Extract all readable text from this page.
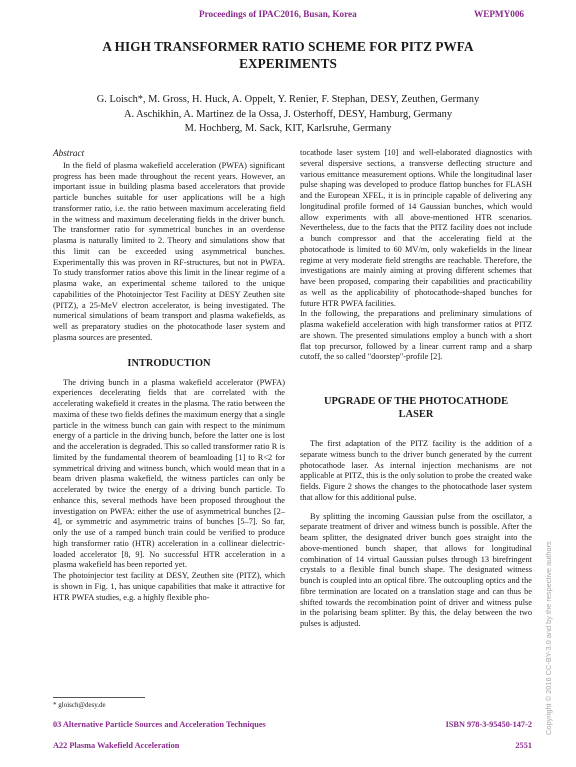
Proceedings of IPAC2016, Busan, Korea	WEPMY006
A HIGH TRANSFORMER RATIO SCHEME FOR PITZ PWFA
EXPERIMENTS
G. Loisch*, M. Gross, H. Huck, A. Oppelt, Y. Renier, F. Stephan, DESY, Zeuthen, Germany
A. Aschikhin, A. Martinez de la Ossa, J. Osterhoff, DESY, Hamburg, Germany
M. Hochberg, M. Sack, KIT, Karlsruhe, Germany
Abstract

In the field of plasma wakefield acceleration (PWFA) significant progress has been made throughout the recent years. However, an important issue in building plasma based accelerators that provide particle bunches suitable for user applications will be a high transformer ratio, i.e. the ratio between maximum accelerating field in the witness and maximum decelerating fields in the driver bunch. The transformer ratio for symmetrical bunches in an overdense plasma is naturally limited to 2. Theory and simulations show that this limit can be exceeded using asymmetrical bunches. Experimentally this was proven in RF-structures, but not in PWFA. To study transformer ratios above this limit in the linear regime of a plasma wake, an experimental scheme tailored to the unique capabilities of the Photoinjector Test Facility at DESY Zeuthen site (PITZ), a 25-MeV electron accelerator, is being investigated. The numerical simulations of beam transport and plasma wakefields, as well as preparatory studies on the photocathode laser system and plasma sources are presented.

INTRODUCTION

The driving bunch in a plasma wakefield accelerator (PWFA) experiences decelerating fields that are correlated with the accelerating wakefield it creates in the plasma. The ratio between the maxima of these two fields defines the maximum energy that a single particle in the witness bunch can gain with respect to the minimum energy of a particle in the driving bunch, before the latter one is lost and the acceleration is degraded. This so called transformer ratio R is limited by the fundamental theorem of beamloading [1] to R<2 for symmetrical driving and witness bunch, which would mean that in a beam driven plasma wakefield, the witness particles can only be accelerated by twice the energy of a driving bunch particle. To enhance this, several methods have been proposed throughout the investigation on PWFA: either the use of asymmetrical bunches [2–4], or symmetric and asymmetric trains of bunches [5–7]. So far, only the use of a ramped bunch train could be verified to produce high transformer ratio (HTR) acceleration in a collinear dielectric-loaded accelerator [8, 9]. No successful HTR acceleration in a plasma wakefield has been reported yet.

The photoinjector test facility at DESY, Zeuthen site (PITZ), which is shown in Fig. 1, has unique capabilities that make it attractive for HTR PWFA studies, e.g. a highly flexible pho-

tocathode laser system [10] and well-elaborated diagnostics with several dispersive sections, a transverse deflecting structure and various emittance measurement options. While the longitudinal laser pulse shaping was developed to produce flattop bunches for FLASH and the European XFEL, it is in principle capable of delivering any longitudinal profile formed of 14 Gaussian bunches, which would allow experiments with all above-mentioned HTR scenarios. Nevertheless, due to the facts that the PITZ facility does not include a bunch compressor and that the accelerating field at the photocathode is limited to 60 MV/m, only wakefields in the linear regime at very moderate field strengths are reachable. Therefore, the investigations are mainly aiming at proving different schemes that have been proposed, comparing their capabilities and practicability as well as the applicability of photocathode-shaped bunches for future HTR PWFA facilities.

In the following, the preparations and preliminary simulations of plasma wakefield acceleration with high transformer ratios at PITZ are shown. The presented simulations employ a bunch with a short flat top precursor, followed by a linear current ramp and a sharp cutoff, the so called "doorstep"-profile [2].

UPGRADE OF THE PHOTOCATHODE
LASER

The first adaptation of the PITZ facility is the addition of a separate witness bunch to the driver bunch generated by the current photocathode laser. As internal injection mechanisms are not applicable at PITZ, this is the only solution to probe the created wake fields. Figure 2 shows the changes to the photocathode laser system that allow for this additional pulse.

By splitting the incoming Gaussian pulse from the oscillator, a separate treatment of driver and witness bunch is possible. After the beam splitter, the designated driver bunch goes straight into the above-mentioned bunch shaper, that allows for longitudinal combination of 14 virtual Gaussian pulses through 13 birefringent crystals to a flexible final bunch shape. The designated witness bunch is coupled into an optical fibre. The outcoupling optics and the fibre termination are located on a translation stage and can thus be shifted towards the recombination point of driver and witness pulse in the polarising beam splitter. By this, the delay between the two pulses is adjusted.

* gloisch@desy.de
03 Alternative Particle Sources and Acceleration Techniques	ISBN 978-3-95450-147-2
A22 Plasma Wakefield Acceleration	2551
Copyright © 2016 CC-BY-3.0 and by the respective authors
